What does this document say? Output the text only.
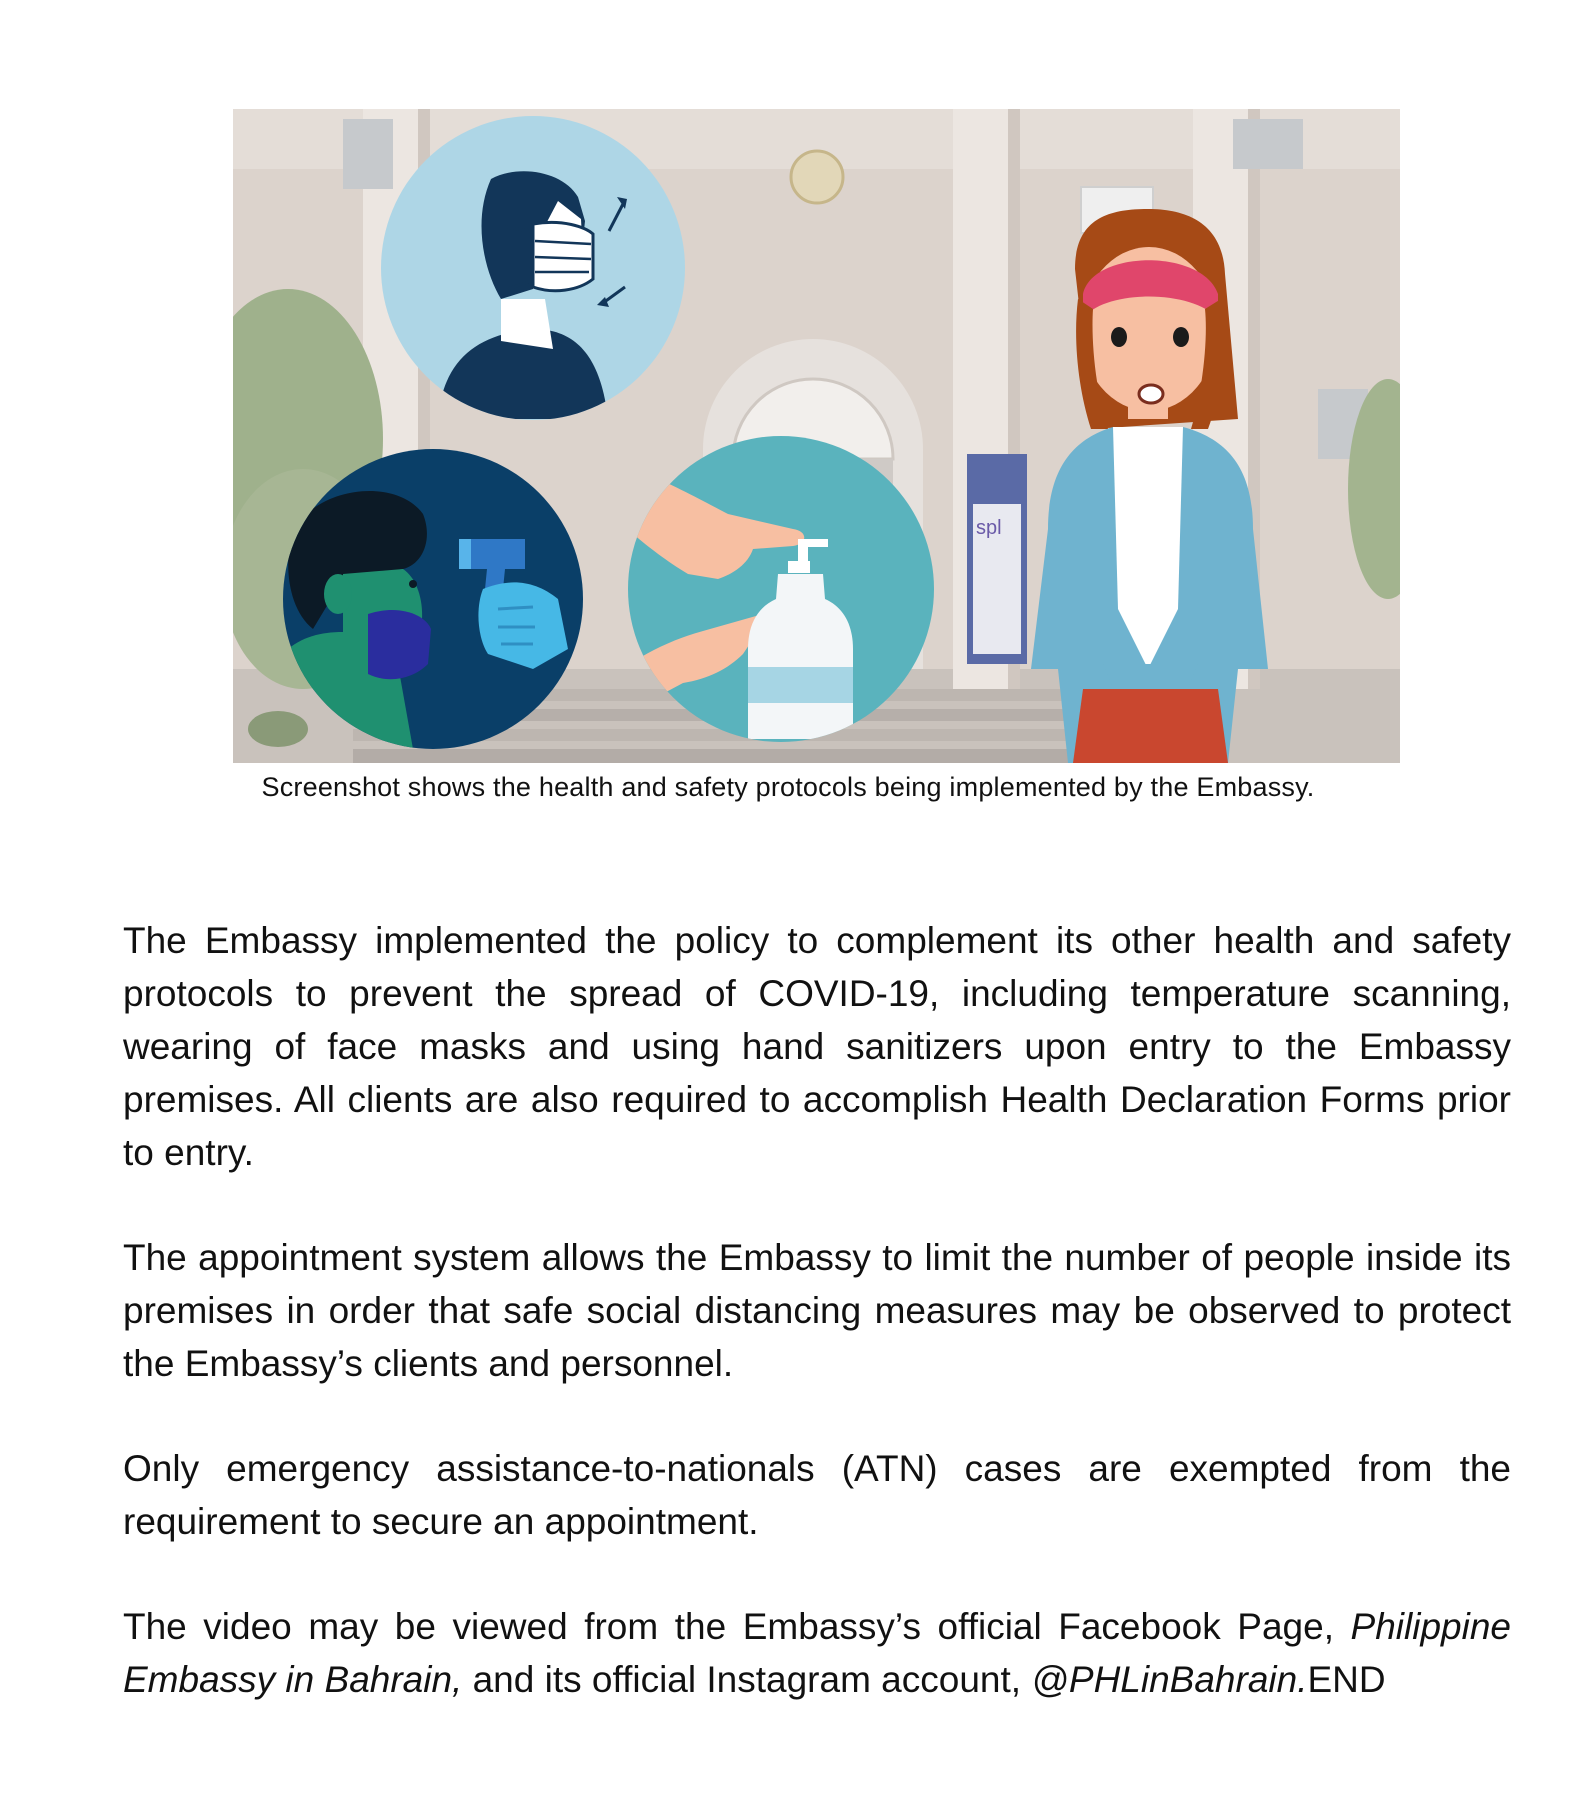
spl
Screenshot shows the health and safety protocols being implemented by the Embassy.

The Embassy implemented the policy to complement its other health and safety protocols to prevent the spread of COVID-19, including temperature scanning, wearing of face masks and using hand sanitizers upon entry to the Embassy premises. All clients are also required to accomplish Health Declaration Forms prior to entry.

The appointment system allows the Embassy to limit the number of people inside its premises in order that safe social distancing measures may be observed to protect the Embassy’s clients and personnel.

Only emergency assistance-to-nationals (ATN) cases are exempted from the requirement to secure an appointment.

The video may be viewed from the Embassy’s official Facebook Page, Philippine Embassy in Bahrain, and its official Instagram account, @PHLinBahrain.END
